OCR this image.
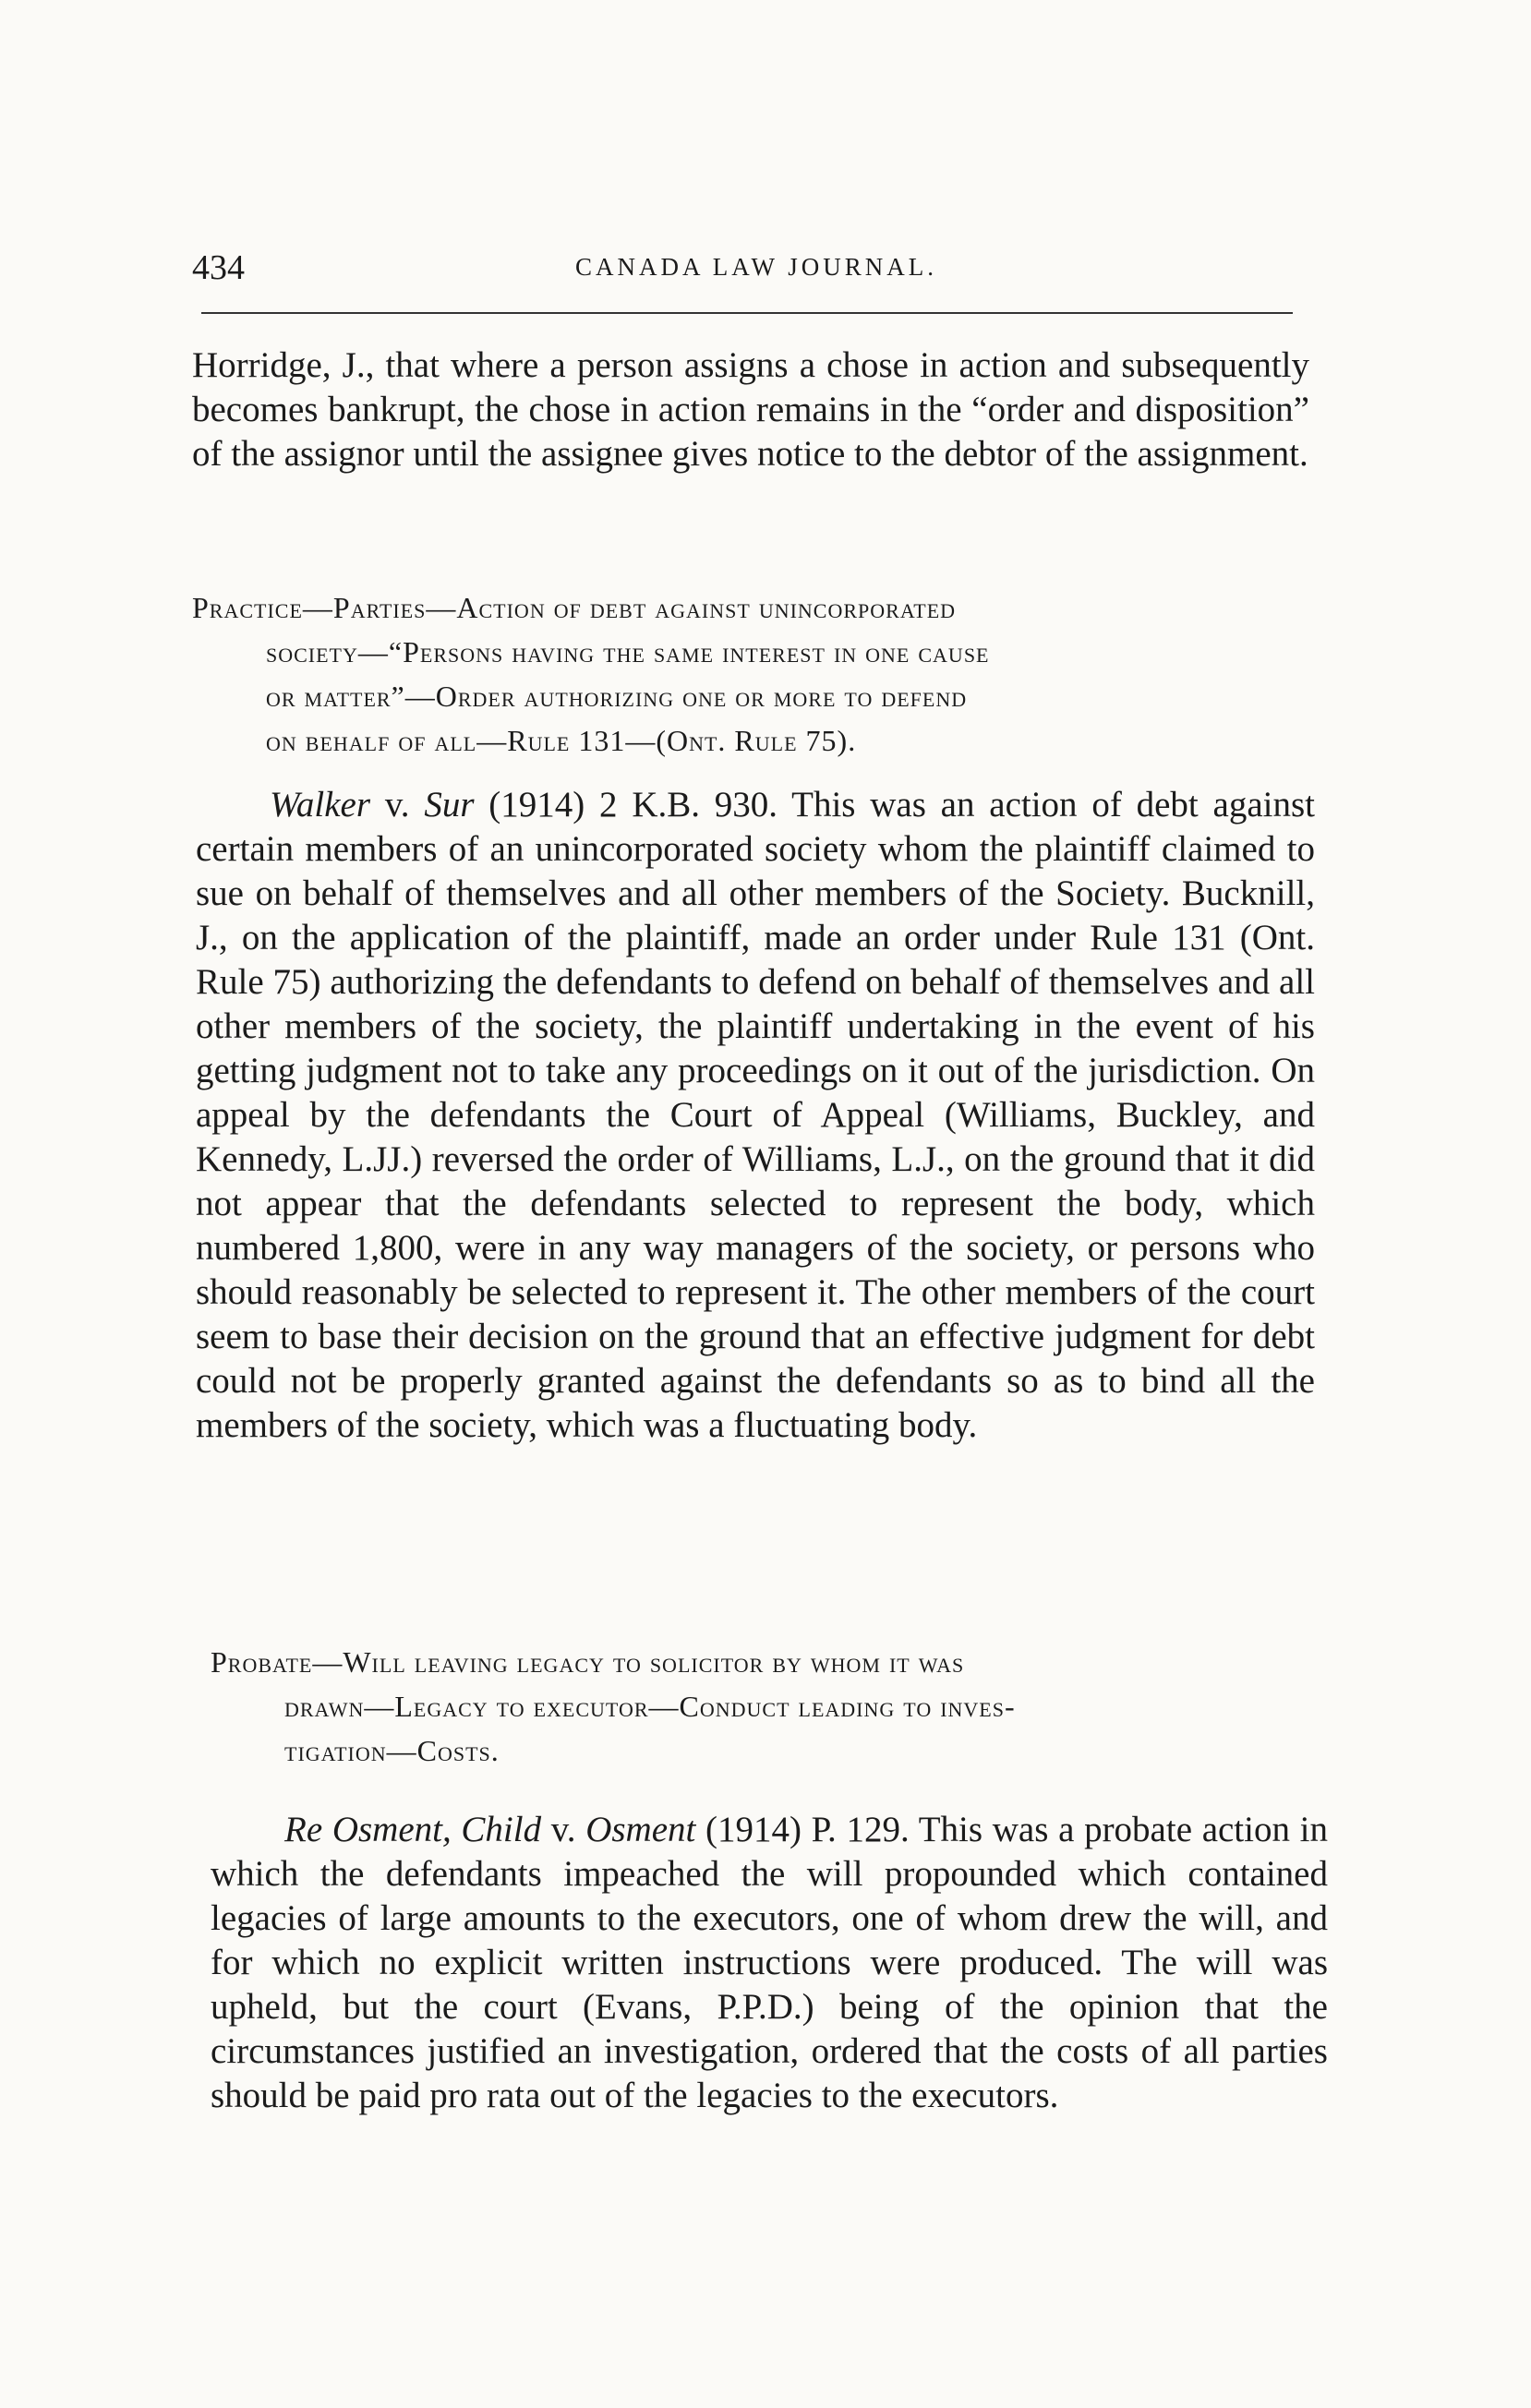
434	CANADA LAW JOURNAL.

Horridge, J., that where a person assigns a chose in action and subsequently becomes bankrupt, the chose in action remains in the “order and disposition” of the assignor until the assignee gives notice to the debtor of the assignment.

Practice—Parties—Action of debt against unincorporated
society—“Persons having the same interest in one cause
or matter”—Order authorizing one or more to defend
on behalf of all—Rule 131—(Ont. Rule 75).

Walker v. Sur (1914) 2 K.B. 930. This was an action of debt against certain members of an unincorporated society whom the plaintiff claimed to sue on behalf of themselves and all other members of the Society. Bucknill, J., on the application of the plaintiff, made an order under Rule 131 (Ont. Rule 75) authorizing the defendants to defend on behalf of themselves and all other members of the society, the plaintiff undertaking in the event of his getting judgment not to take any proceedings on it out of the jurisdiction. On appeal by the defendants the Court of Appeal (Williams, Buckley, and Kennedy, L.JJ.) reversed the order of Williams, L.J., on the ground that it did not appear that the defendants selected to represent the body, which numbered 1,800, were in any way managers of the society, or persons who should reasonably be selected to represent it. The other members of the court seem to base their decision on the ground that an effective judgment for debt could not be properly granted against the defendants so as to bind all the members of the society, which was a fluctuating body.

Probate—Will leaving legacy to solicitor by whom it was
drawn—Legacy to executor—Conduct leading to inves-
tigation—Costs.

Re Osment, Child v. Osment (1914) P. 129. This was a probate action in which the defendants impeached the will propounded which contained legacies of large amounts to the executors, one of whom drew the will, and for which no explicit written instructions were produced. The will was upheld, but the court (Evans, P.P.D.) being of the opinion that the circumstances justified an investigation, ordered that the costs of all parties should be paid pro rata out of the legacies to the executors.
